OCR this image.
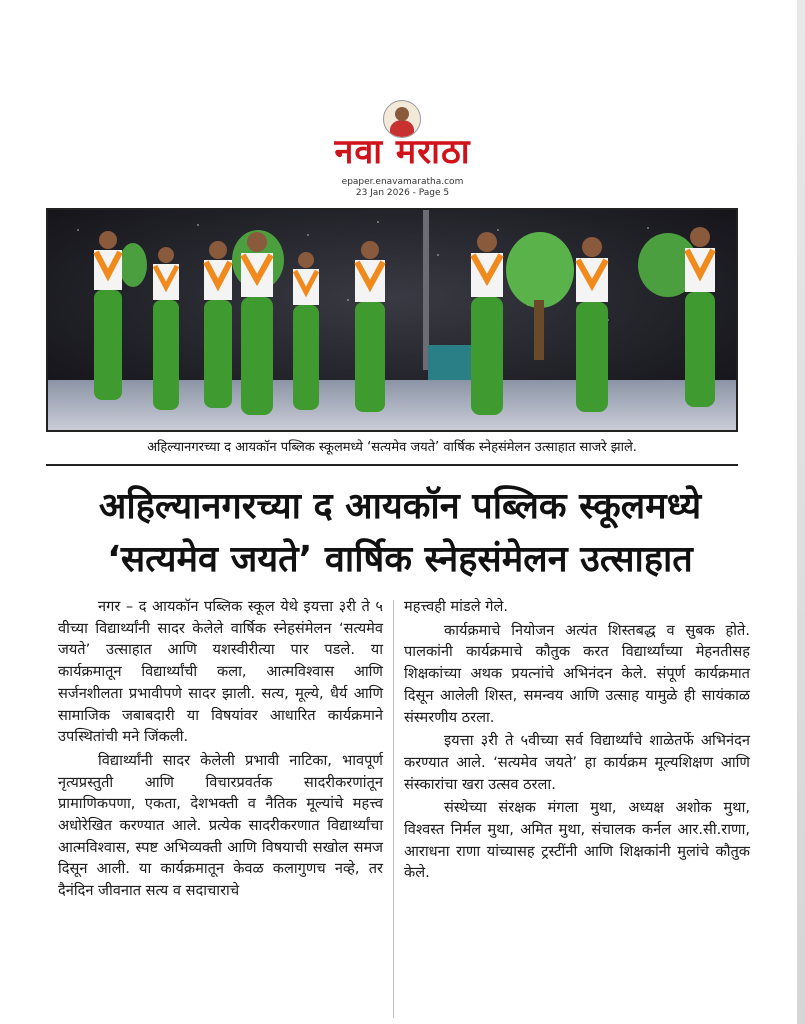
नवा मराठा
epaper.enavamaratha.com
23 Jan 2026 - Page 5
अहिल्यानगरच्या द आयकॉन पब्लिक स्कूलमध्ये ‘सत्यमेव जयते’ वार्षिक स्नेहसंमेलन उत्साहात साजरे झाले.
अहिल्यानगरच्या द आयकॉन पब्लिक स्कूलमध्ये
‘सत्यमेव जयते’ वार्षिक स्नेहसंमेलन उत्साहात

नगर – द आयकॉन पब्लिक स्कूल येथे इयत्ता ३री ते ५ वीच्या विद्यार्थ्यांनी सादर केलेले वार्षिक स्नेहसंमेलन ‘सत्यमेव जयते’ उत्साहात आणि यशस्वीरीत्या पार पडले. या कार्यक्रमातून विद्यार्थ्यांची कला, आत्मविश्वास आणि सर्जनशीलता प्रभावीपणे सादर झाली. सत्य, मूल्ये, धैर्य आणि सामाजिक जबाबदारी या विषयांवर आधारित कार्यक्रमाने उपस्थितांची मने जिंकली.

विद्यार्थ्यांनी सादर केलेली प्रभावी नाटिका, भावपूर्ण नृत्यप्रस्तुती आणि विचारप्रवर्तक सादरीकरणांतून प्रामाणिकपणा, एकता, देशभक्ती व नैतिक मूल्यांचे महत्त्व अधोरेखित करण्यात आले. प्रत्येक सादरीकरणात विद्यार्थ्यांचा आत्मविश्वास, स्पष्ट अभिव्यक्ती आणि विषयाची सखोल समज दिसून आली. या कार्यक्रमातून केवळ कलागुणच नव्हे, तर दैनंदिन जीवनात सत्य व सदाचाराचे

महत्त्वही मांडले गेले.

कार्यक्रमाचे नियोजन अत्यंत शिस्तबद्ध व सुबक होते. पालकांनी कार्यक्रमाचे कौतुक करत विद्यार्थ्यांच्या मेहनतीसह शिक्षकांच्या अथक प्रयत्नांचे अभिनंदन केले. संपूर्ण कार्यक्रमात दिसून आलेली शिस्त, समन्वय आणि उत्साह यामुळे ही सायंकाळ संस्मरणीय ठरला.

इयत्ता ३री ते ५वीच्या सर्व विद्यार्थ्यांचे शाळेतर्फे अभिनंदन करण्यात आले. ‘सत्यमेव जयते’ हा कार्यक्रम मूल्यशिक्षण आणि संस्कारांचा खरा उत्सव ठरला.

संस्थेच्या संरक्षक मंगला मुथा, अध्यक्ष अशोक मुथा, विश्वस्त निर्मल मुथा, अमित मुथा, संचालक कर्नल आर.सी.राणा, आराधना राणा यांच्यासह ट्रस्टींनी आणि शिक्षकांनी मुलांचे कौतुक केले.
